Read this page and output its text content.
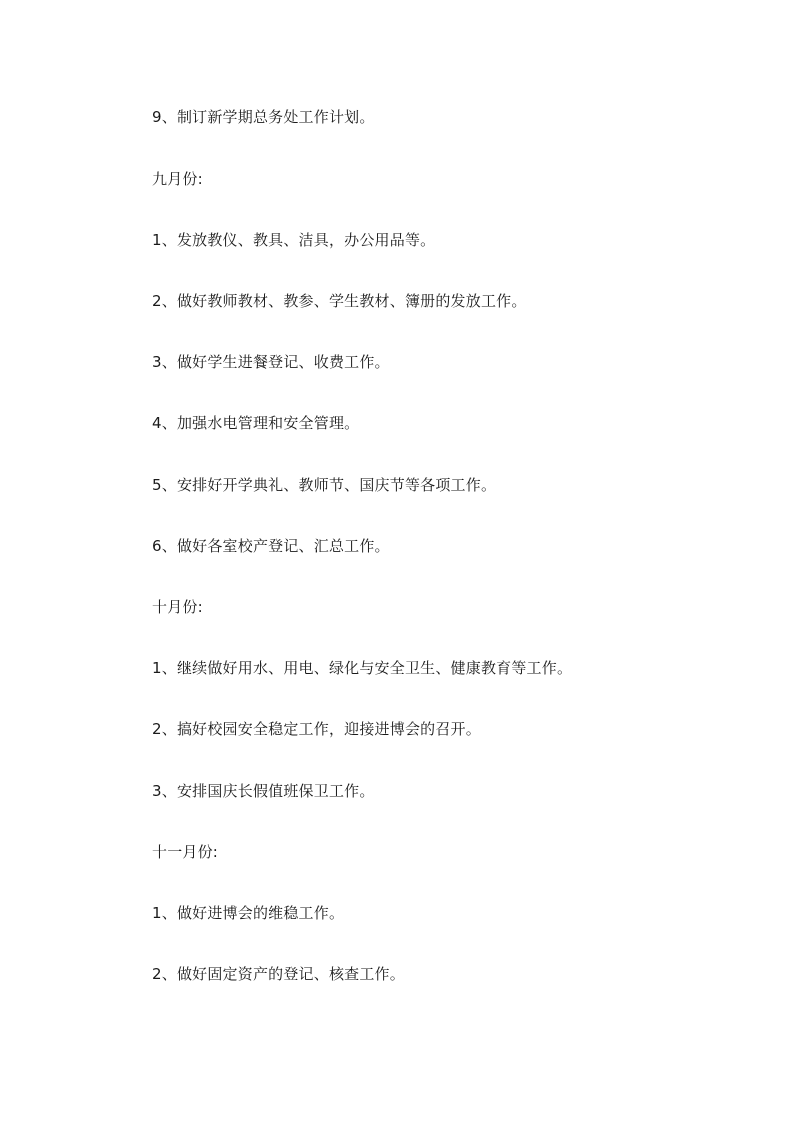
9、制订新学期总务处工作计划。
九月份:
1、发放教仪、教具、洁具，办公用品等。
2、做好教师教材、教参、学生教材、簿册的发放工作。
3、做好学生进餐登记、收费工作。
4、加强水电管理和安全管理。
5、安排好开学典礼、教师节、国庆节等各项工作。
6、做好各室校产登记、汇总工作。
十月份:
1、继续做好用水、用电、绿化与安全卫生、健康教育等工作。
2、搞好校园安全稳定工作，迎接进博会的召开。
3、安排国庆长假值班保卫工作。
十一月份:
1、做好进博会的维稳工作。
2、做好固定资产的登记、核查工作。
